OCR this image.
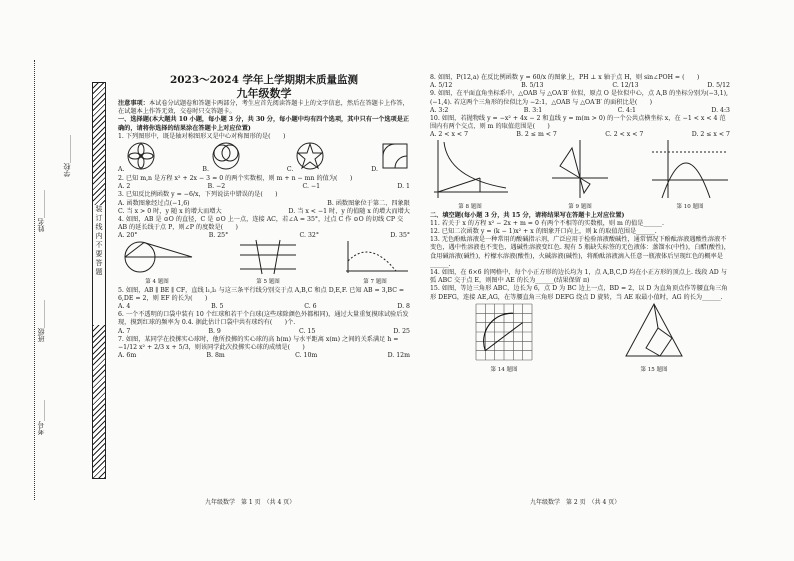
考号______
班级________
姓名________
学校________
装
订
线
内
不
要
答
题

2023～2024 学年上学期期末质量监测

九年级数学

注意事项：本试卷分试题卷和答题卡两部分，考生应首先阅读答题卡上的文字信息，然后在答题卡上作答，在试题本上作答无效，交卷时只交答题卡。

一、选择题(本大题共 10 小题，每小题 3 分，共 30 分，每小题中均有四个选项，其中只有一个选项是正确的，请将你选择的结果涂在答题卡上对应位置)

1. 下列图形中，既是轴对称图形又是中心对称图形的是(　　)

A.	B.	C.	D.

2. 已知 m,n 是方程 x² + 2x − 3 = 0 的两个实数根，则 m + n − mn 的值为(　　)

A. 2	B. −2	C. −1	D. 1

3. 已知反比例函数 y = −6/x，下列说法中错误的是(　　)

A. 函数图象经过点(−1,6)	B. 函数图象位于第二、四象限
C. 当 x > 0 时，y 随 x 的增大而增大	D. 当 x < −1 时，y 的值随 x 的增大而增大

4. 如图，AB 是 ⊙O 的直径，C 是 ⊙O 上一点，连接 AC，若∠A = 35°，过点 C 作 ⊙O 的切线 CP 交 AB 的延长线于点 P，则∠P 的度数是(　　)

A. 20°	B. 25°	C. 32°	D. 35°
第 4 题图	第 5 题图	第 7 题图

5. 如图，AB ∥ BE ∥ CF，直线 l₁,l₂ 与这三条平行线分别交于点 A,B,C 和点 D,E,F. 已知 AB = 3,BC = 6,DE = 2，则 EF 的长为(　　)

A. 4	B. 5	C. 6	D. 8

6. 一个不透明的口袋中装有 10 个红球和若干个白球(这些球除颜色外都相同)，通过大量重复摸球试验后发现，摸到红球的频率为 0.4. 据此估计口袋中共有球约有(　　)个.

A. 7	B. 9	C. 15	D. 25

7. 如图，某同学在投掷实心球时，他所投掷的实心球的高 h(m) 与水平距离 x(m) 之间的关系满足 h = −1/12 x² + 2/3 x + 5/3，则该同学此次投掷实心球的成绩是(　　)

A. 6m	B. 8m	C. 10m	D. 12m
九年级数学　第 1 页　（共 4 页）

8. 如图，P(12,a) 在反比例函数 y = 60/x 的图象上，PH ⊥ x 轴于点 H，则 sin∠POH = (　　)

A. 5/12	B. 5/13	C. 12/13	D. 5/12

9. 如图，在平面直角坐标系中，△OAB 与 △OA′B′ 位似，原点 O 是位似中心，点 A,B 的坐标分别为(−3,1),(−1,4). 若这两个三角形的位似比为 −2:1，△OAB 与 △OA′B′ 的面积比是(　　)

A. 3:2	B. 3:1	C. 4:1	D. 4:3

10. 如图，若抛物线 y = −x² + 4x − 2 和直线 y = m(m > 0) 的一个公共点横坐标 x，在 −1 < x < 4 范围内有两个交点，则 m 的取值范围是(　　)

A. 2 < x < 7	B. 2 ≤ m < 7	C. 2 < x < 7	D. 2 ≤ x < 7
第 8 题图	第 9 题图	第 10 题图

二、填空题(每小题 3 分，共 15 分，请将结果写在答题卡上对应位置)

11. 若关于 x 的方程 x² − 2x + m = 0 有两个不相等的实数根，则 m 的值是______.

12. 已知二次函数 y = (k − 1)x² + x 的图象开口向上，则 k 的取值范围是______.

13. 无色酚酞溶液是一种常用的酸碱指示剂，广泛应用于检验溶液酸碱性，通常情况下酚酞溶液遇酸性溶液不变色，遇中性溶液也不变色，遇碱性溶液变红色. 现有 5 瓶缺失标签的无色液体：蒸馏水(中性)，白醋(酸性)，食用碱溶液(碱性)，柠檬水溶液(酸性)，火碱溶液(碱性)，将酚酞溶液滴入任意一瓶液体后呈现红色的概率是______.

14. 如图，在 6×6 的网格中，每个小正方形的边长均为 1，点 A,B,C,D 均在小正方形的顶点上. 线段 AD 与弧 ABC 交于点 E，则图中 AE 的长为______(结果保留 π)

15. 如图，等边三角形 ABC，边长为 6，点 D 为 BC 边上一点，BD = 2，以 D 为直角顶点作等腰直角三角形 DEFG，连接 AE,AG，在等腰直角三角形 DEFG 绕点 D 旋转，当 AE 取最小值时，AG 的长为______.

第 14 题图	第 15 题图
九年级数学　第 2 页　（共 4 页）
